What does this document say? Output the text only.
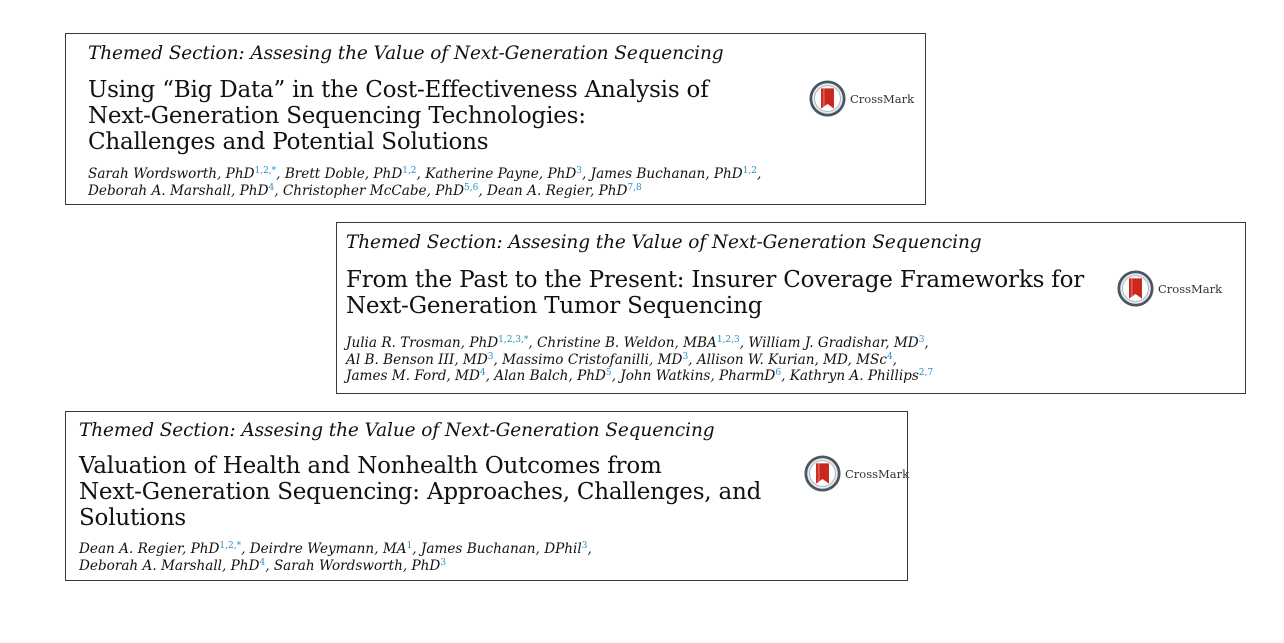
Themed Section: Assesing the Value of Next-Generation Sequencing
Using “Big Data” in the Cost-Effectiveness Analysis of
Next-Generation Sequencing Technologies:
Challenges and Potential Solutions
Sarah Wordsworth, PhD$^{1,2,*}$, Brett Doble, PhD$^{1,2}$, Katherine Payne, PhD$^3$, James Buchanan, PhD$^{1,2}$,
Deborah A. Marshall, PhD$^4$, Christopher McCabe, PhD$^{5,6}$, Dean A. Regier, PhD$^{7,8}$
CrossMark
Themed Section: Assesing the Value of Next-Generation Sequencing
From the Past to the Present: Insurer Coverage Frameworks for
Next-Generation Tumor Sequencing
Julia R. Trosman, PhD$^{1,2,3,*}$, Christine B. Weldon, MBA$^{1,2,3}$, William J. Gradishar, $MD^3$,
Al B. Benson III, $MD^3$, Massimo Cristofanilli, $MD^3$, Allison W. Kurian, MD, MSc$^4$,
James M. Ford, $MD^4$, Alan Balch, PhD$^5$, John Watkins, PharmD$^6$, Kathryn A. Phillips$^{2,7}$
CrossMark
Themed Section: Assesing the Value of Next-Generation Sequencing
Valuation of Health and Nonhealth Outcomes from
Next-Generation Sequencing: Approaches, Challenges, and
Solutions
Dean A. Regier, PhD$^{1,2,*}$, Deirdre Weymann, $MA^1$, James Buchanan, DPhil$^3$,
Deborah A. Marshall, PhD$^4$, Sarah Wordsworth, PhD$^3$
CrossMark
